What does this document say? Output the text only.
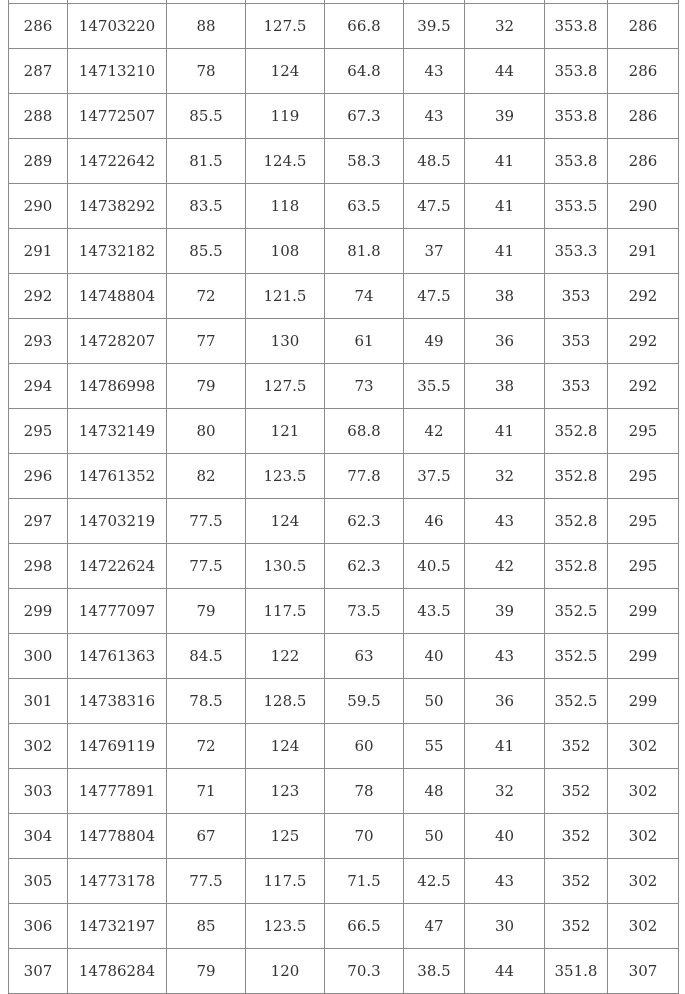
286	14703220	88	127.5	66.8	39.5	32	353.8	286
287	14713210	78	124	64.8	43	44	353.8	286
288	14772507	85.5	119	67.3	43	39	353.8	286
289	14722642	81.5	124.5	58.3	48.5	41	353.8	286
290	14738292	83.5	118	63.5	47.5	41	353.5	290
291	14732182	85.5	108	81.8	37	41	353.3	291
292	14748804	72	121.5	74	47.5	38	353	292
293	14728207	77	130	61	49	36	353	292
294	14786998	79	127.5	73	35.5	38	353	292
295	14732149	80	121	68.8	42	41	352.8	295
296	14761352	82	123.5	77.8	37.5	32	352.8	295
297	14703219	77.5	124	62.3	46	43	352.8	295
298	14722624	77.5	130.5	62.3	40.5	42	352.8	295
299	14777097	79	117.5	73.5	43.5	39	352.5	299
300	14761363	84.5	122	63	40	43	352.5	299
301	14738316	78.5	128.5	59.5	50	36	352.5	299
302	14769119	72	124	60	55	41	352	302
303	14777891	71	123	78	48	32	352	302
304	14778804	67	125	70	50	40	352	302
305	14773178	77.5	117.5	71.5	42.5	43	352	302
306	14732197	85	123.5	66.5	47	30	352	302
307	14786284	79	120	70.3	38.5	44	351.8	307
